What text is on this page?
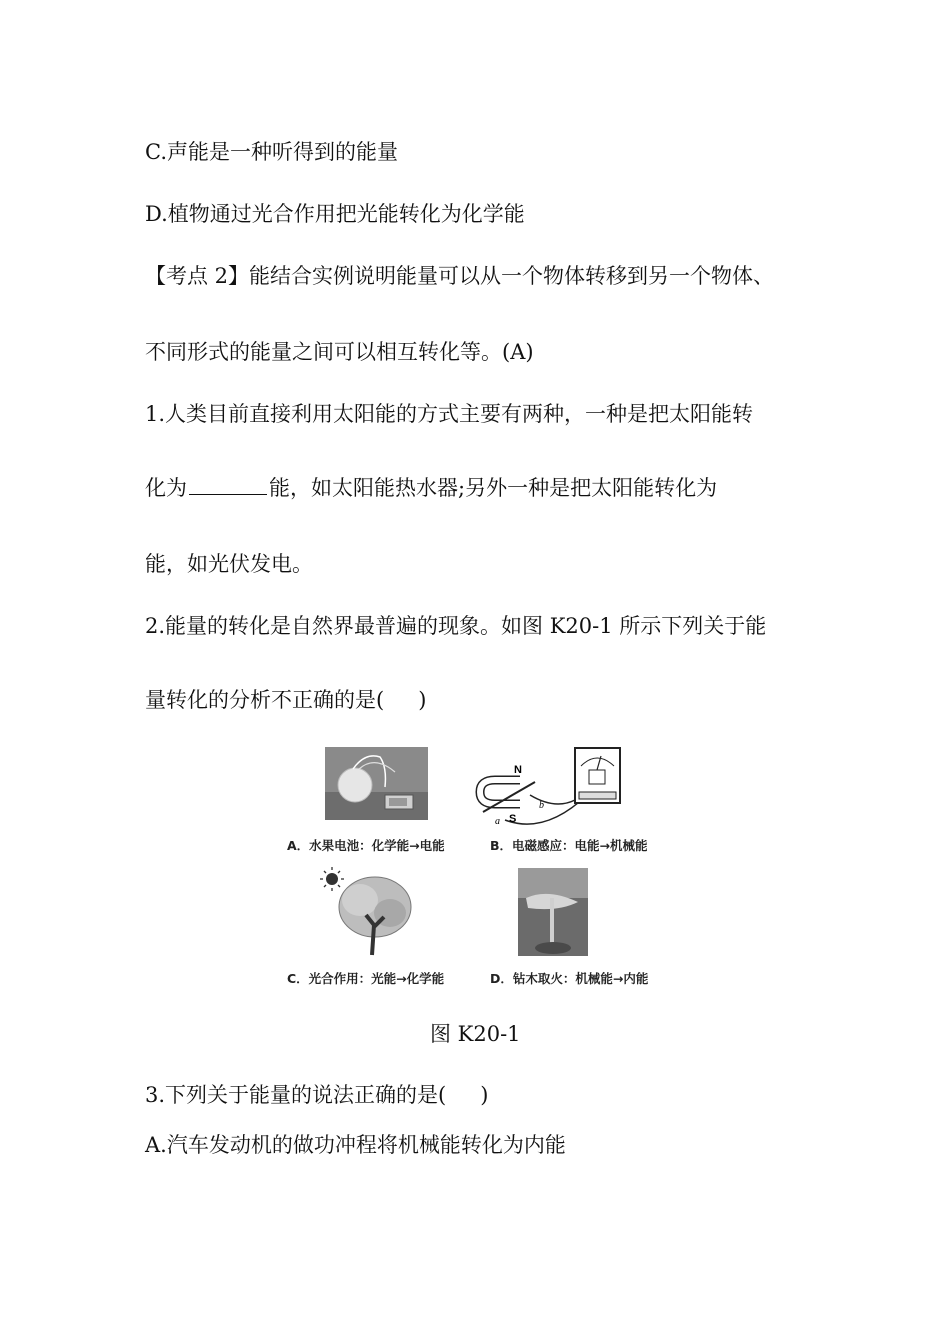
C.声能是一种听得到的能量
D.植物通过光合作用把光能转化为化学能
【考点 2】能结合实例说明能量可以从一个物体转移到另一个物体、
不同形式的能量之间可以相互转化等。(A)
1.人类目前直接利用太阳能的方式主要有两种，一种是把太阳能转
化为	能，如太阳能热水器;另外一种是把太阳能转化为
能，如光伏发电。
2.能量的转化是自然界最普遍的现象。如图 K20-1 所示下列关于能
量转化的分析不正确的是( )
N
S
a
b
A．水果电池：化学能→电能	B．电磁感应：电能→机械能
C．光合作用：光能→化学能	D．钻木取火：机械能→内能
图 K20-1
3.下列关于能量的说法正确的是( )
A.汽车发动机的做功冲程将机械能转化为内能
